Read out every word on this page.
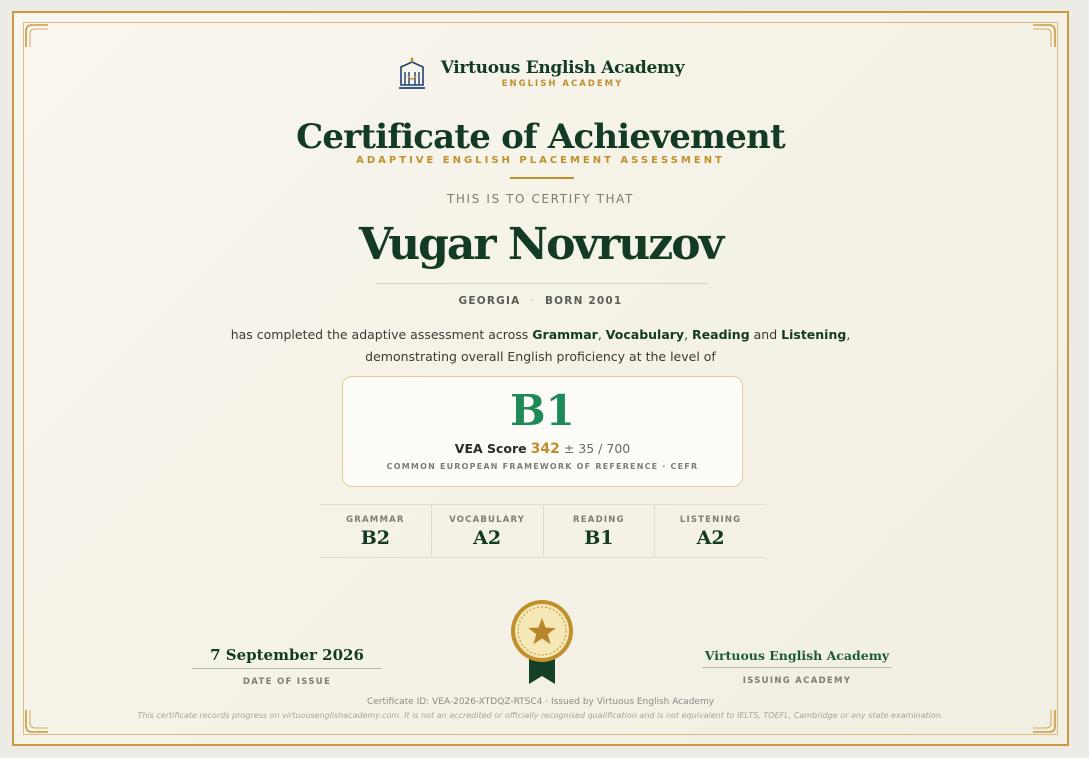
Virtuous English Academy
ENGLISH ACADEMY
Certificate of Achievement
ADAPTIVE ENGLISH PLACEMENT ASSESSMENT
THIS IS TO CERTIFY THAT
Vugar Novruzov
GEORGIA · BORN 2001
has completed the adaptive assessment across Grammar, Vocabulary, Reading and Listening,
demonstrating overall English proficiency at the level of
B1
VEA Score 342 ± 35 / 700
COMMON EUROPEAN FRAMEWORK OF REFERENCE · CEFR
GRAMMAR
B2
VOCABULARY
A2
READING
B1
LISTENING
A2
7 September 2026
DATE OF ISSUE
Virtuous English Academy
ISSUING ACADEMY
Certificate ID: VEA-2026-XTDQZ-RTSC4 · Issued by Virtuous English Academy
This certificate records progress on virtuousenglishacademy.com. It is not an accredited or officially recognised qualification and is not equivalent to IELTS, TOEFL, Cambridge or any state examination.
